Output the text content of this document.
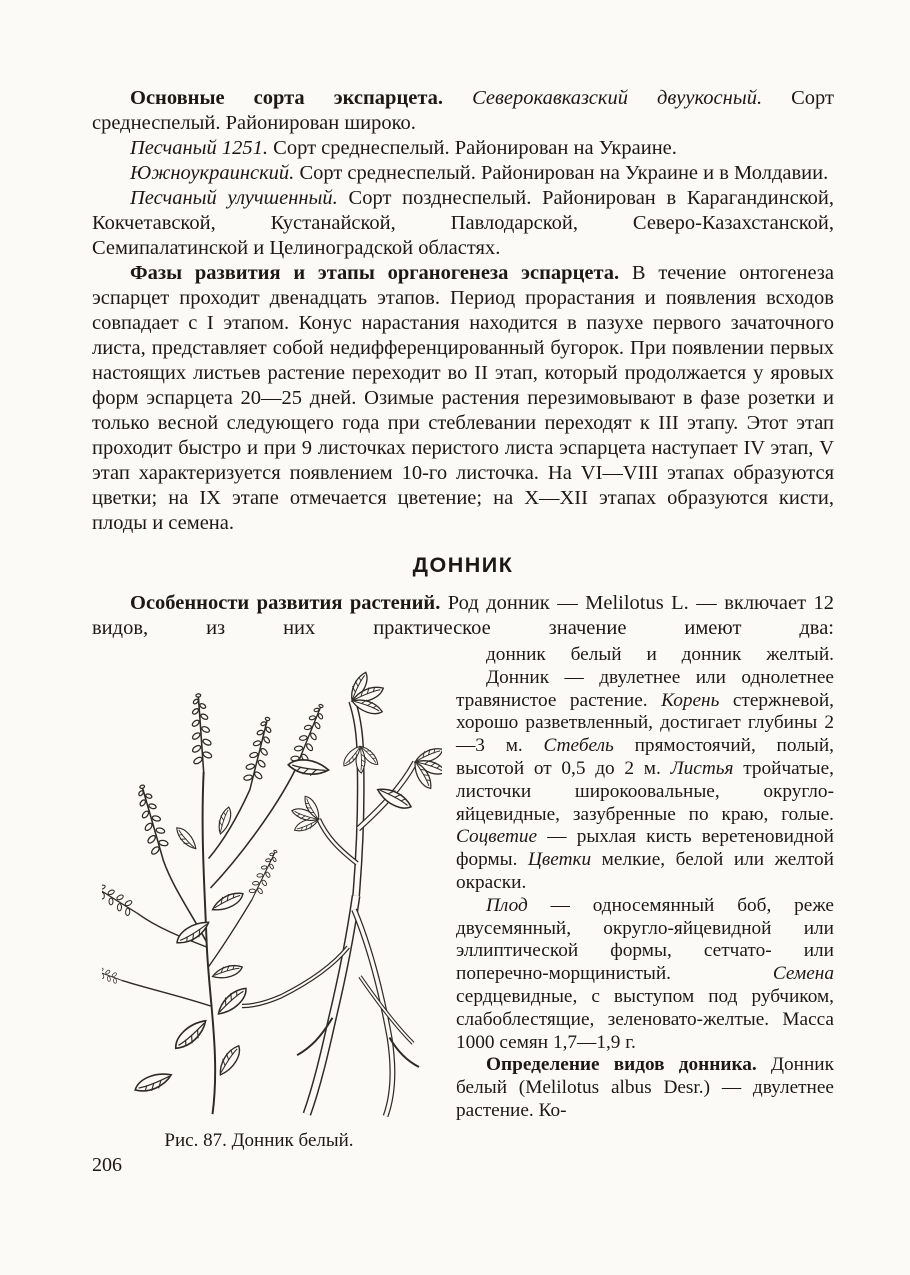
Основные сорта экспарцета. Северокавказский двуукосный. Сорт среднеспелый. Районирован широко.

Песчаный 1251. Сорт среднеспелый. Районирован на Украине.

Южноукраинский. Сорт среднеспелый. Районирован на Украине и в Молдавии.

Песчаный улучшенный. Сорт позднеспелый. Районирован в Карагандинской, Кокчетавской, Кустанайской, Павлодарской, Северо-Казахстанской, Семипалатинской и Целиноградской областях.

Фазы развития и этапы органогенеза эспарцета. В течение онтогенеза эспарцет проходит двенадцать этапов. Период прорастания и появления всходов совпадает с I этапом. Конус нарастания находится в пазухе первого зачаточного листа, представляет собой недифференцированный бугорок. При появлении первых настоящих листьев растение переходит во II этап, который продолжается у яровых форм эспарцета 20—25 дней. Озимые растения перезимовывают в фазе розетки и только весной следующего года при стеблевании переходят к III этапу. Этот этап проходит быстро и при 9 листочках перистого листа эспарцета наступает IV этап, V этап характеризуется появлением 10-го листочка. На VI—VIII этапах образуются цветки; на IX этапе отмечается цветение; на X—XII этапах образуются кисти, плоды и семена.

ДОННИК

Особенности развития растений. Род донник — Melilotus L. — включает 12 видов, из них практическое значение имеют два:

Рис. 87. Донник белый.

донник белый и донник желтый.

Донник — двулетнее или однолетнее травянистое растение. Корень стержневой, хорошо разветвленный, достигает глубины 2—3 м. Стебель прямостоячий, полый, высотой от 0,5 до 2 м. Листья тройчатые, листочки широкоовальные, округло-яйцевидные, зазубренные по краю, голые. Соцветие — рыхлая кисть веретеновидной формы. Цветки мелкие, белой или желтой окраски.

Плод — односемянный боб, реже двусемянный, округло-яйцевидной или эллиптической формы, сетчато- или поперечно-морщинистый. Семена сердцевидные, с выступом под рубчиком, слабоблестящие, зеленовато-желтые. Масса 1000 семян 1,7—1,9 г.

Определение видов донника. Донник белый (Melilotus albus Desr.) — двулетнее растение. Ко-

206
